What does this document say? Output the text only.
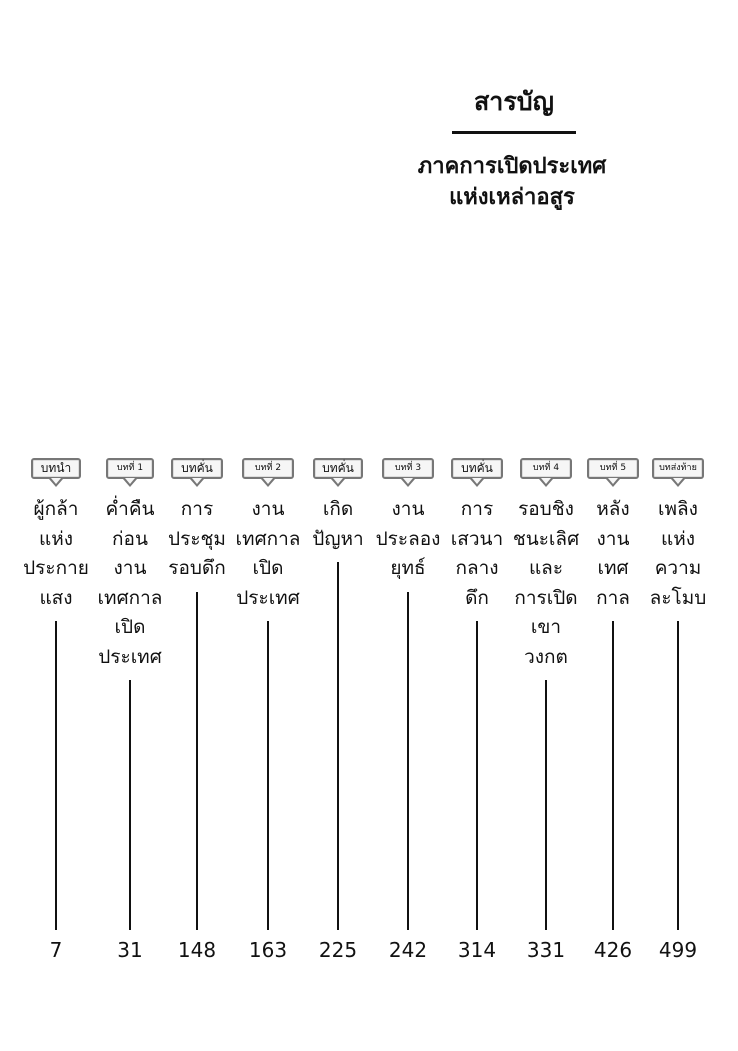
สารบัญ
ภาคการเปิดประเทศ
แห่งเหล่าอสูร
บทนำ
ผู้กล้า
แห่ง
ประกาย
แสง
7
บทที่ 1
ค่ำคืน
ก่อน
งาน
เทศกาล
เปิด
ประเทศ
31
บทคั่น
การ
ประชุม
รอบดึก
148
บทที่ 2
งาน
เทศกาล
เปิด
ประเทศ
163
บทคั่น
เกิด
ปัญหา
225
บทที่ 3
งาน
ประลอง
ยุทธ์
242
บทคั่น
การ
เสวนา
กลาง
ดึก
314
บทที่ 4
รอบชิง
ชนะเลิศ
และ
การเปิด
เขา
วงกต
331
บทที่ 5
หลัง
งาน
เทศ
กาล
426
บทส่งท้าย
เพลิง
แห่ง
ความ
ละโมบ
499
